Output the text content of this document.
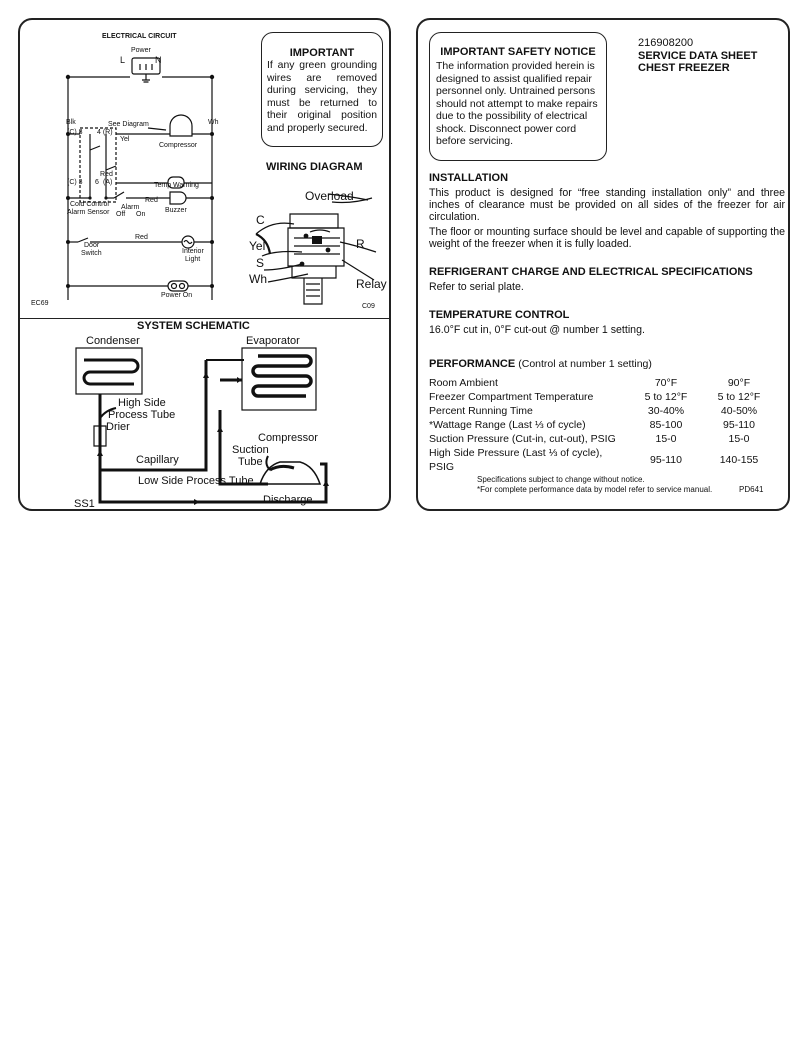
ELECTRICAL CIRCUIT
Power
L	N
Blk	Wh
(C) 3 4 (R)
See Diagram
Yel
Compressor
Red
(A)
(C) 3 6	Temp Warning
Alarm
Off On
Red
Buzzer
Cold Control
Alarm Sensor
Red
Door
Switch	Interior
Light
Power On
EC69	C09
IMPORTANT
If any green grounding wires are removed during servicing, they must be returned to their original position and properly secured.
WIRING DIAGRAM
Overload
C
Yel
S
Wh
R
Relay
SYSTEM SCHEMATIC
Condenser	Evaporator
High Side
Process Tube
Drier
Compressor
Suction
Tube
Capillary
Low Side Process Tube
Discharge
SS1
IMPORTANT SAFETY NOTICE
The information provided herein is designed to assist qualified repair personnel only. Untrained persons should not attempt to make repairs due to the possibility of electrical shock. Disconnect power cord before servicing.
216908200
SERVICE DATA SHEET
CHEST FREEZER
INSTALLATION
This product is designed for “free standing installation only” and three inches of clearance must be provided on all sides of the freezer for air circulation.
The floor or mounting surface should be level and capable of supporting the weight of the freezer when it is fully loaded.
REFRIGERANT CHARGE AND ELECTRICAL SPECIFICATIONS
Refer to serial plate.
TEMPERATURE CONTROL
16.0°F cut in, 0°F cut-out @ number 1 setting.
PERFORMANCE (Control at number 1 setting)
Room Ambient	70°F	90°F
Freezer Compartment Temperature	5 to 12°F	5 to 12°F
Percent Running Time	30-40%	40-50%
*Wattage Range (Last ⅓ of cycle)	85-100	95-110
Suction Pressure (Cut-in, cut-out), PSIG	15-0	15-0
High Side Pressure (Last ⅓ of cycle), PSIG	95-110	140-155
Specifications subject to change without notice.
*For complete performance data by model refer to service manual.	PD641
